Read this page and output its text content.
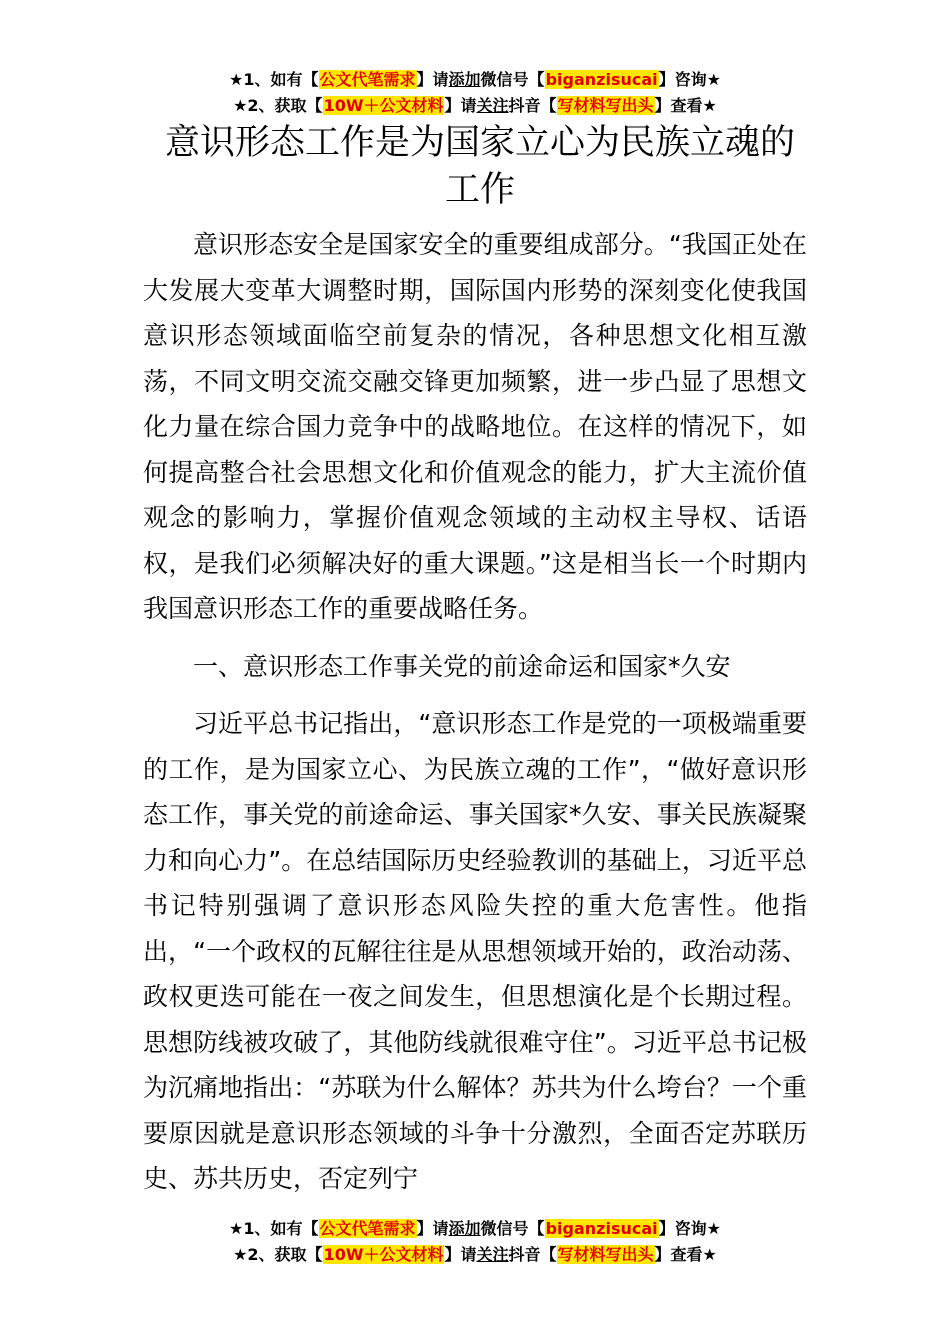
★1、如有【公文代笔需求】请添加微信号【biganzisucai】咨询★
★2、获取【10W＋公文材料】请关注抖音【写材料写出头】查看★
意识形态工作是为国家立心为民族立魂的工作

意识形态安全是国家安全的重要组成部分。“我国正处在大发展大变革大调整时期，国际国内形势的深刻变化使我国意识形态领域面临空前复杂的情况，各种思想文化相互激荡，不同文明交流交融交锋更加频繁，进一步凸显了思想文化力量在综合国力竞争中的战略地位。在这样的情况下，如何提高整合社会思想文化和价值观念的能力，扩大主流价值观念的影响力，掌握价值观念领域的主动权主导权、话语权，是我们必须解决好的重大课题。”这是相当长一个时期内我国意识形态工作的重要战略任务。

一、意识形态工作事关党的前途命运和国家*久安

习近平总书记指出，“意识形态工作是党的一项极端重要的工作，是为国家立心、为民族立魂的工作”，“做好意识形态工作，事关党的前途命运、事关国家*久安、事关民族凝聚力和向心力”。在总结国际历史经验教训的基础上，习近平总书记特别强调了意识形态风险失控的重大危害性。他指出，“一个政权的瓦解往往是从思想领域开始的，政治动荡、政权更迭可能在一夜之间发生，但思想演化是个长期过程。思想防线被攻破了，其他防线就很难守住”。习近平总书记极为沉痛地指出：“苏联为什么解体？苏共为什么垮台？一个重要原因就是意识形态领域的斗争十分激烈，全面否定苏联历史、苏共历史，否定列宁

★1、如有【公文代笔需求】请添加微信号【biganzisucai】咨询★
★2、获取【10W＋公文材料】请关注抖音【写材料写出头】查看★
